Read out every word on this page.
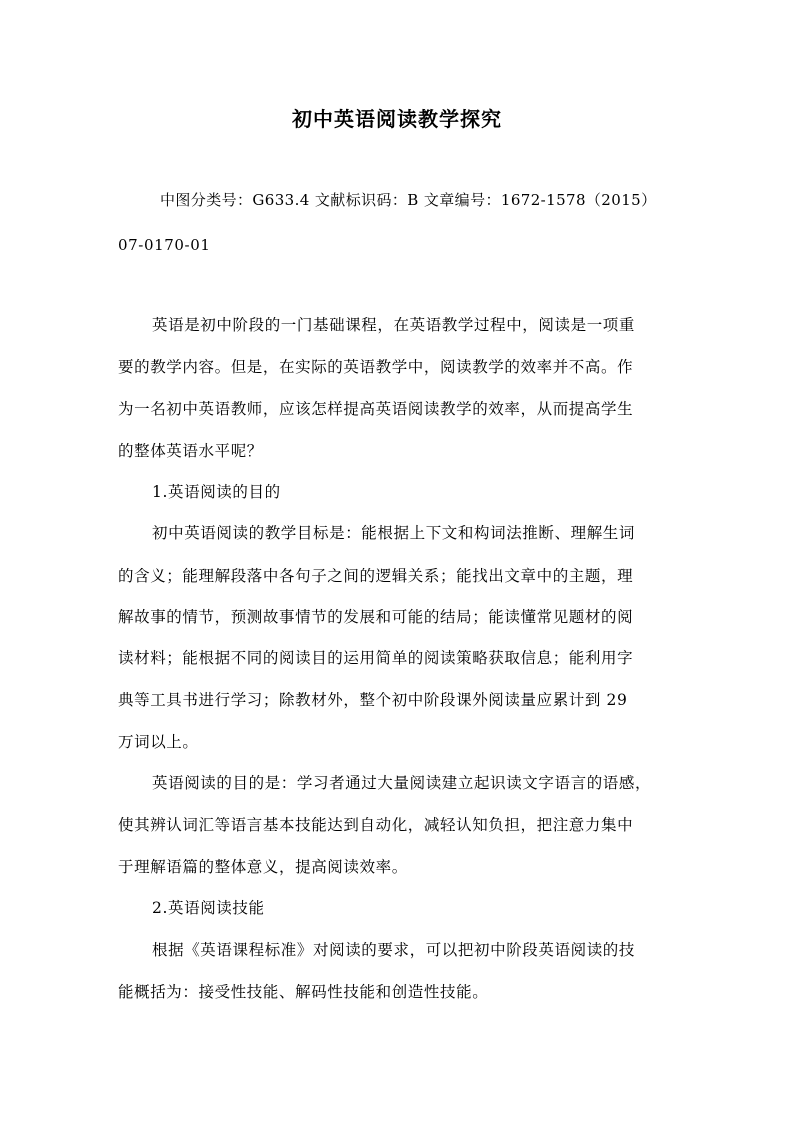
初中英语阅读教学探究
中图分类号：G633.4 文献标识码：B 文章编号：1672-1578（2015）
07-0170-01
英语是初中阶段的一门基础课程，在英语教学过程中，阅读是一项重
要的教学内容。但是，在实际的英语教学中，阅读教学的效率并不高。作
为一名初中英语教师，应该怎样提高英语阅读教学的效率，从而提高学生
的整体英语水平呢？
1.英语阅读的目的
初中英语阅读的教学目标是：能根据上下文和构词法推断、理解生词
的含义；能理解段落中各句子之间的逻辑关系；能找出文章中的主题，理
解故事的情节，预测故事情节的发展和可能的结局；能读懂常见题材的阅
读材料；能根据不同的阅读目的运用简单的阅读策略获取信息；能利用字
典等工具书进行学习；除教材外，整个初中阶段课外阅读量应累计到 29
万词以上。
英语阅读的目的是：学习者通过大量阅读建立起识读文字语言的语感，
使其辨认词汇等语言基本技能达到自动化，减轻认知负担，把注意力集中
于理解语篇的整体意义，提高阅读效率。
2.英语阅读技能
根据《英语课程标准》对阅读的要求，可以把初中阶段英语阅读的技
能概括为：接受性技能、解码性技能和创造性技能。
